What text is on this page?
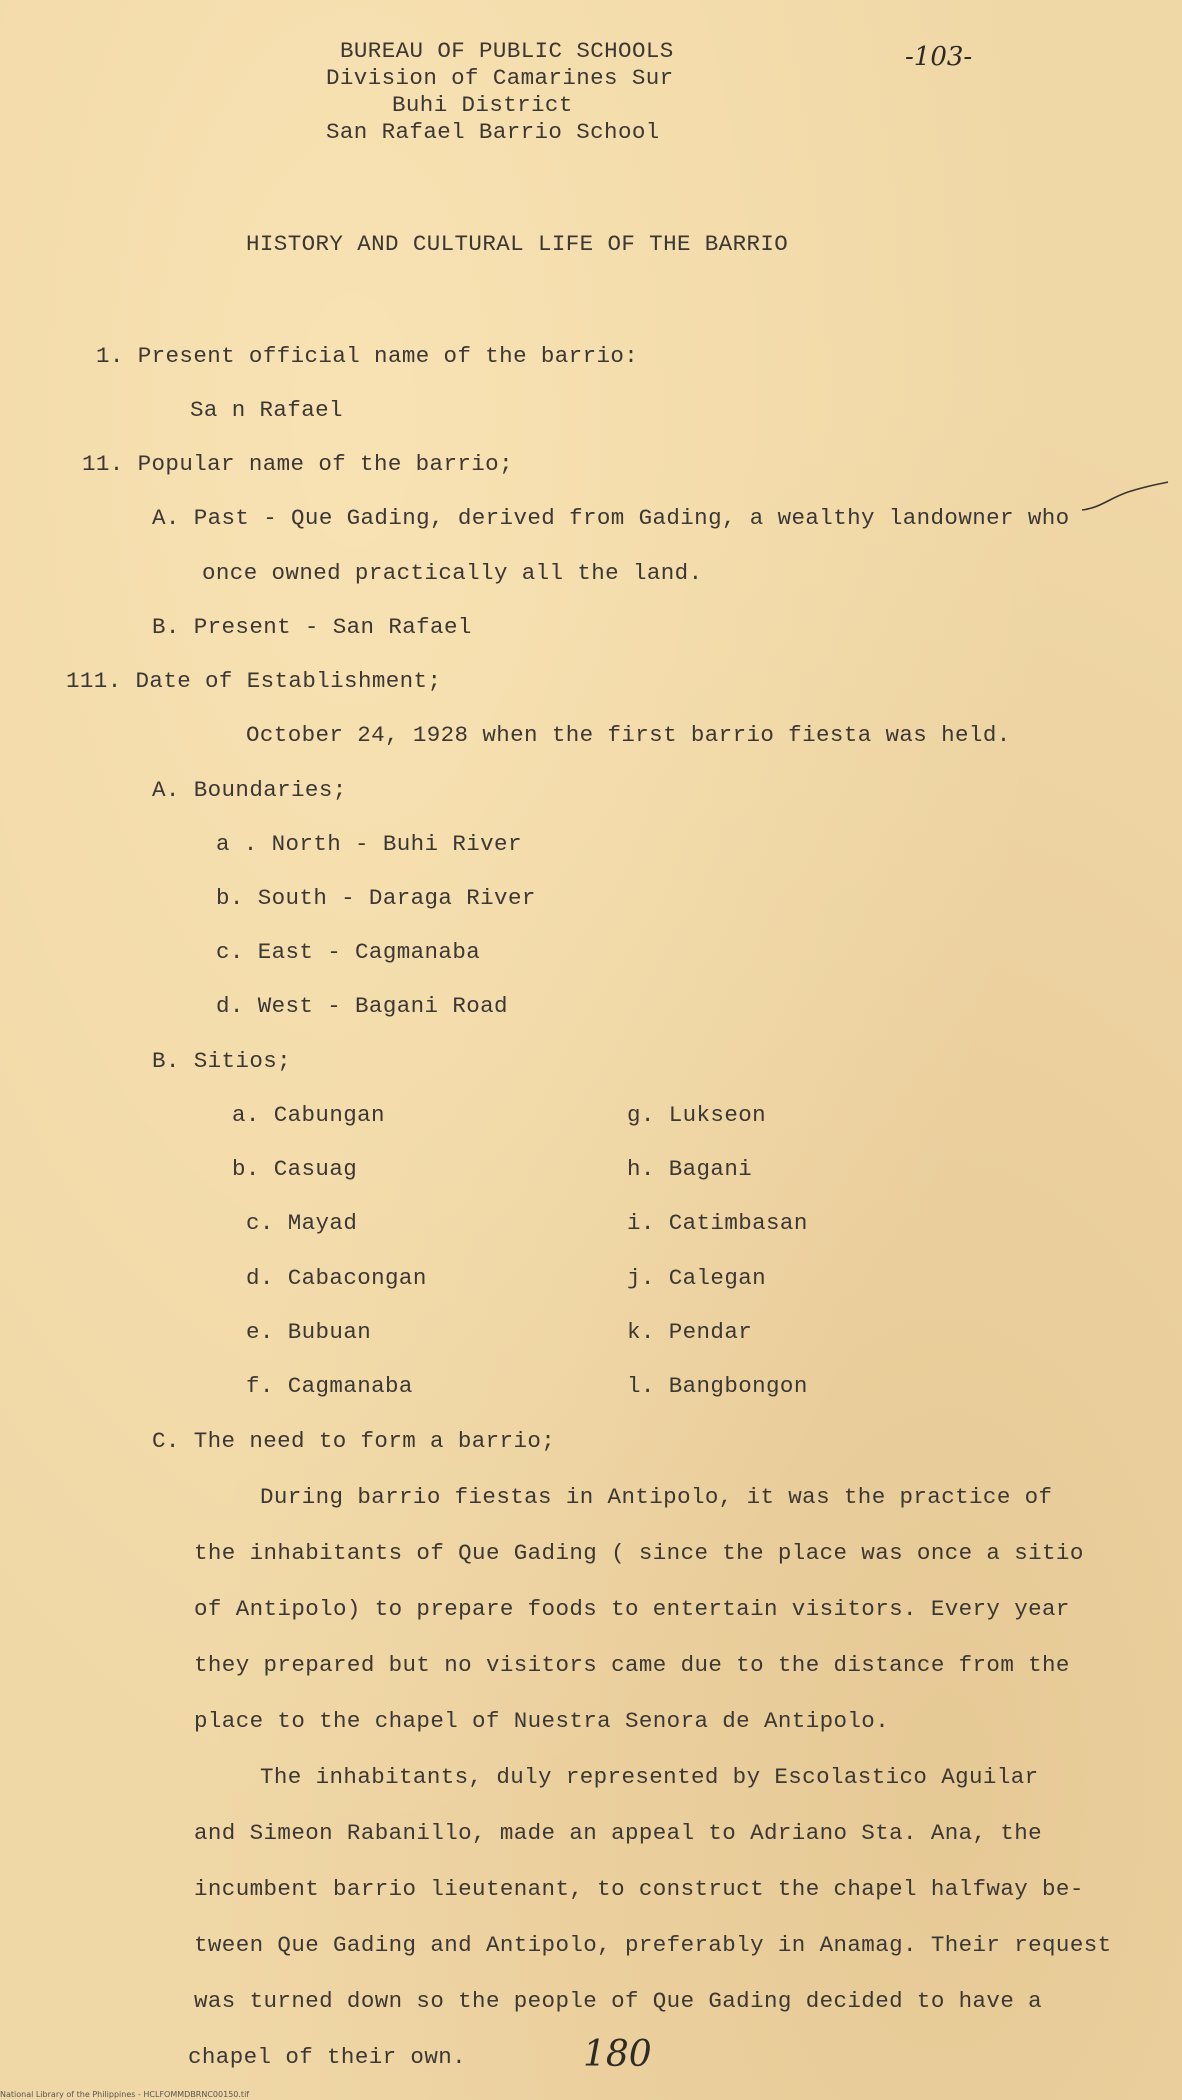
BUREAU OF PUBLIC SCHOOLS
Division of Camarines Sur
Buhi District
San Rafael Barrio School
-103-
HISTORY AND CULTURAL LIFE OF THE BARRIO
1. Present official name of the barrio:
Sa n Rafael
11. Popular name of the barrio;
A. Past - Que Gading, derived from Gading, a wealthy landowner who
once owned practically all the land.
B. Present - San Rafael
111. Date of Establishment;
October 24, 1928 when the first barrio fiesta was held.
A. Boundaries;
a . North - Buhi River
b. South - Daraga River
c. East - Cagmanaba
d. West - Bagani Road
B. Sitios;
a. Cabungan
b. Casuag
c. Mayad
d. Cabacongan
e. Bubuan
f. Cagmanaba
g. Lukseon
h. Bagani
i. Catimbasan
j. Calegan
k. Pendar
l. Bangbongon
C. The need to form a barrio;
During barrio fiestas in Antipolo, it was the practice of
the inhabitants of Que Gading ( since the place was once a sitio
of Antipolo) to prepare foods to entertain visitors. Every year
they prepared but no visitors came due to the distance from the
place to the chapel of Nuestra Senora de Antipolo.
The inhabitants, duly represented by Escolastico Aguilar
and Simeon Rabanillo, made an appeal to Adriano Sta. Ana, the
incumbent barrio lieutenant, to construct the chapel halfway be-
tween Que Gading and Antipolo, preferably in Anamag. Their request
was turned down so the people of Que Gading decided to have a
chapel of their own.	180
National Library of the Philippines - HCLFOMMDBRNC00150.tif
